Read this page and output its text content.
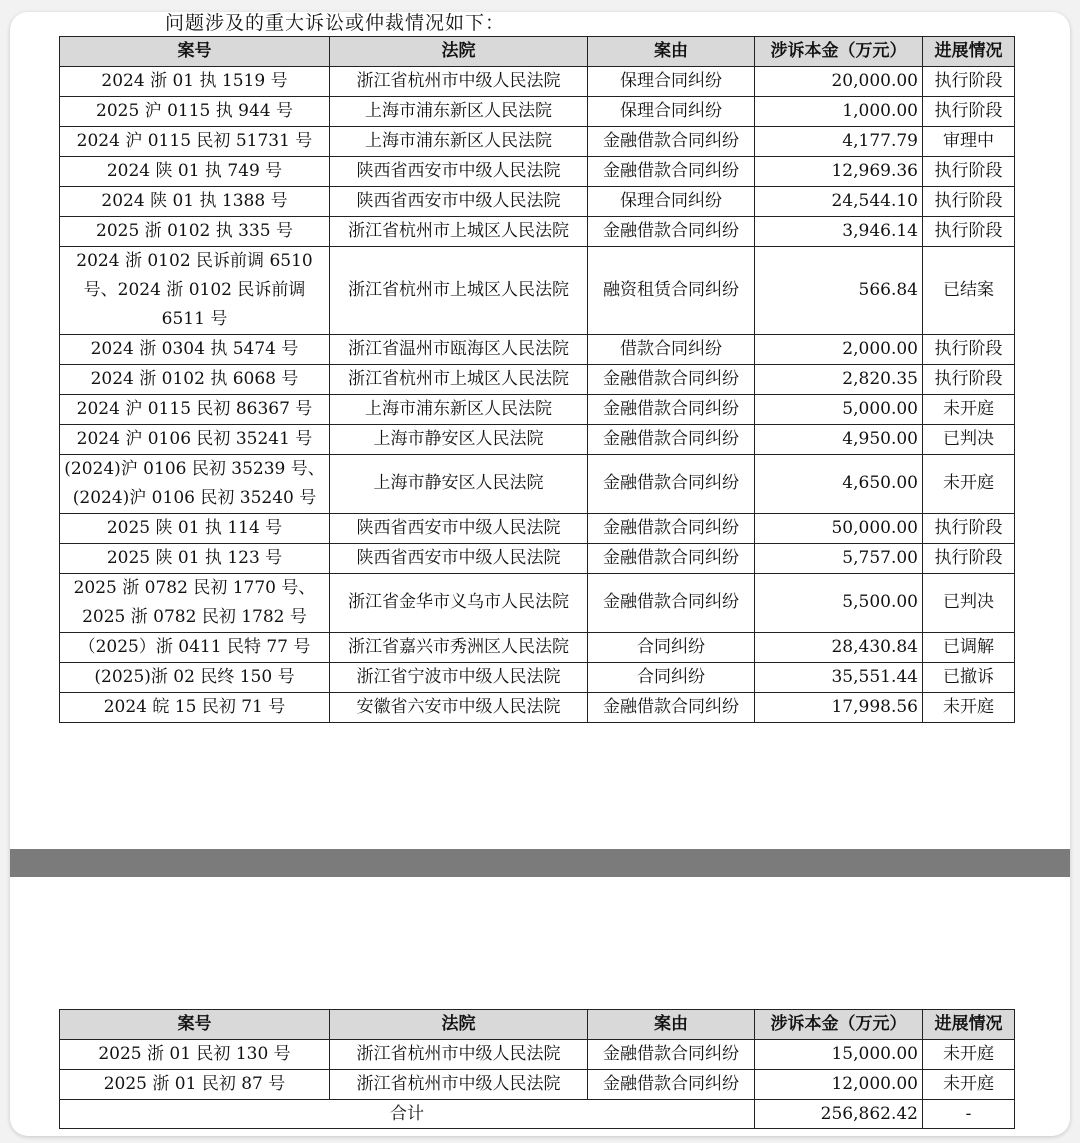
问题涉及的重大诉讼或仲裁情况如下：
案号	法院	案由	涉诉本金（万元）	进展情况
2024 浙 01 执 1519 号	浙江省杭州市中级人民法院	保理合同纠纷	20,000.00	执行阶段
2025 沪 0115 执 944 号	上海市浦东新区人民法院	保理合同纠纷	1,000.00	执行阶段
2024 沪 0115 民初 51731 号	上海市浦东新区人民法院	金融借款合同纠纷	4,177.79	审理中
2024 陕 01 执 749 号	陕西省西安市中级人民法院	金融借款合同纠纷	12,969.36	执行阶段
2024 陕 01 执 1388 号	陕西省西安市中级人民法院	保理合同纠纷	24,544.10	执行阶段
2025 浙 0102 执 335 号	浙江省杭州市上城区人民法院	金融借款合同纠纷	3,946.14	执行阶段
2024 浙 0102 民诉前调 6510 号、2024 浙 0102 民诉前调 6511 号	浙江省杭州市上城区人民法院	融资租赁合同纠纷	566.84	已结案
2024 浙 0304 执 5474 号	浙江省温州市瓯海区人民法院	借款合同纠纷	2,000.00	执行阶段
2024 浙 0102 执 6068 号	浙江省杭州市上城区人民法院	金融借款合同纠纷	2,820.35	执行阶段
2024 沪 0115 民初 86367 号	上海市浦东新区人民法院	金融借款合同纠纷	5,000.00	未开庭
2024 沪 0106 民初 35241 号	上海市静安区人民法院	金融借款合同纠纷	4,950.00	已判决
(2024)沪 0106 民初 35239 号、(2024)沪 0106 民初 35240 号	上海市静安区人民法院	金融借款合同纠纷	4,650.00	未开庭
2025 陕 01 执 114 号	陕西省西安市中级人民法院	金融借款合同纠纷	50,000.00	执行阶段
2025 陕 01 执 123 号	陕西省西安市中级人民法院	金融借款合同纠纷	5,757.00	执行阶段
2025 浙 0782 民初 1770 号、2025 浙 0782 民初 1782 号	浙江省金华市义乌市人民法院	金融借款合同纠纷	5,500.00	已判决
（2025）浙 0411 民特 77 号	浙江省嘉兴市秀洲区人民法院	合同纠纷	28,430.84	已调解
(2025)浙 02 民终 150 号	浙江省宁波市中级人民法院	合同纠纷	35,551.44	已撤诉
2024 皖 15 民初 71 号	安徽省六安市中级人民法院	金融借款合同纠纷	17,998.56	未开庭
案号	法院	案由	涉诉本金（万元）	进展情况
2025 浙 01 民初 130 号	浙江省杭州市中级人民法院	金融借款合同纠纷	15,000.00	未开庭
2025 浙 01 民初 87 号	浙江省杭州市中级人民法院	金融借款合同纠纷	12,000.00	未开庭
合计			256,862.42	-
